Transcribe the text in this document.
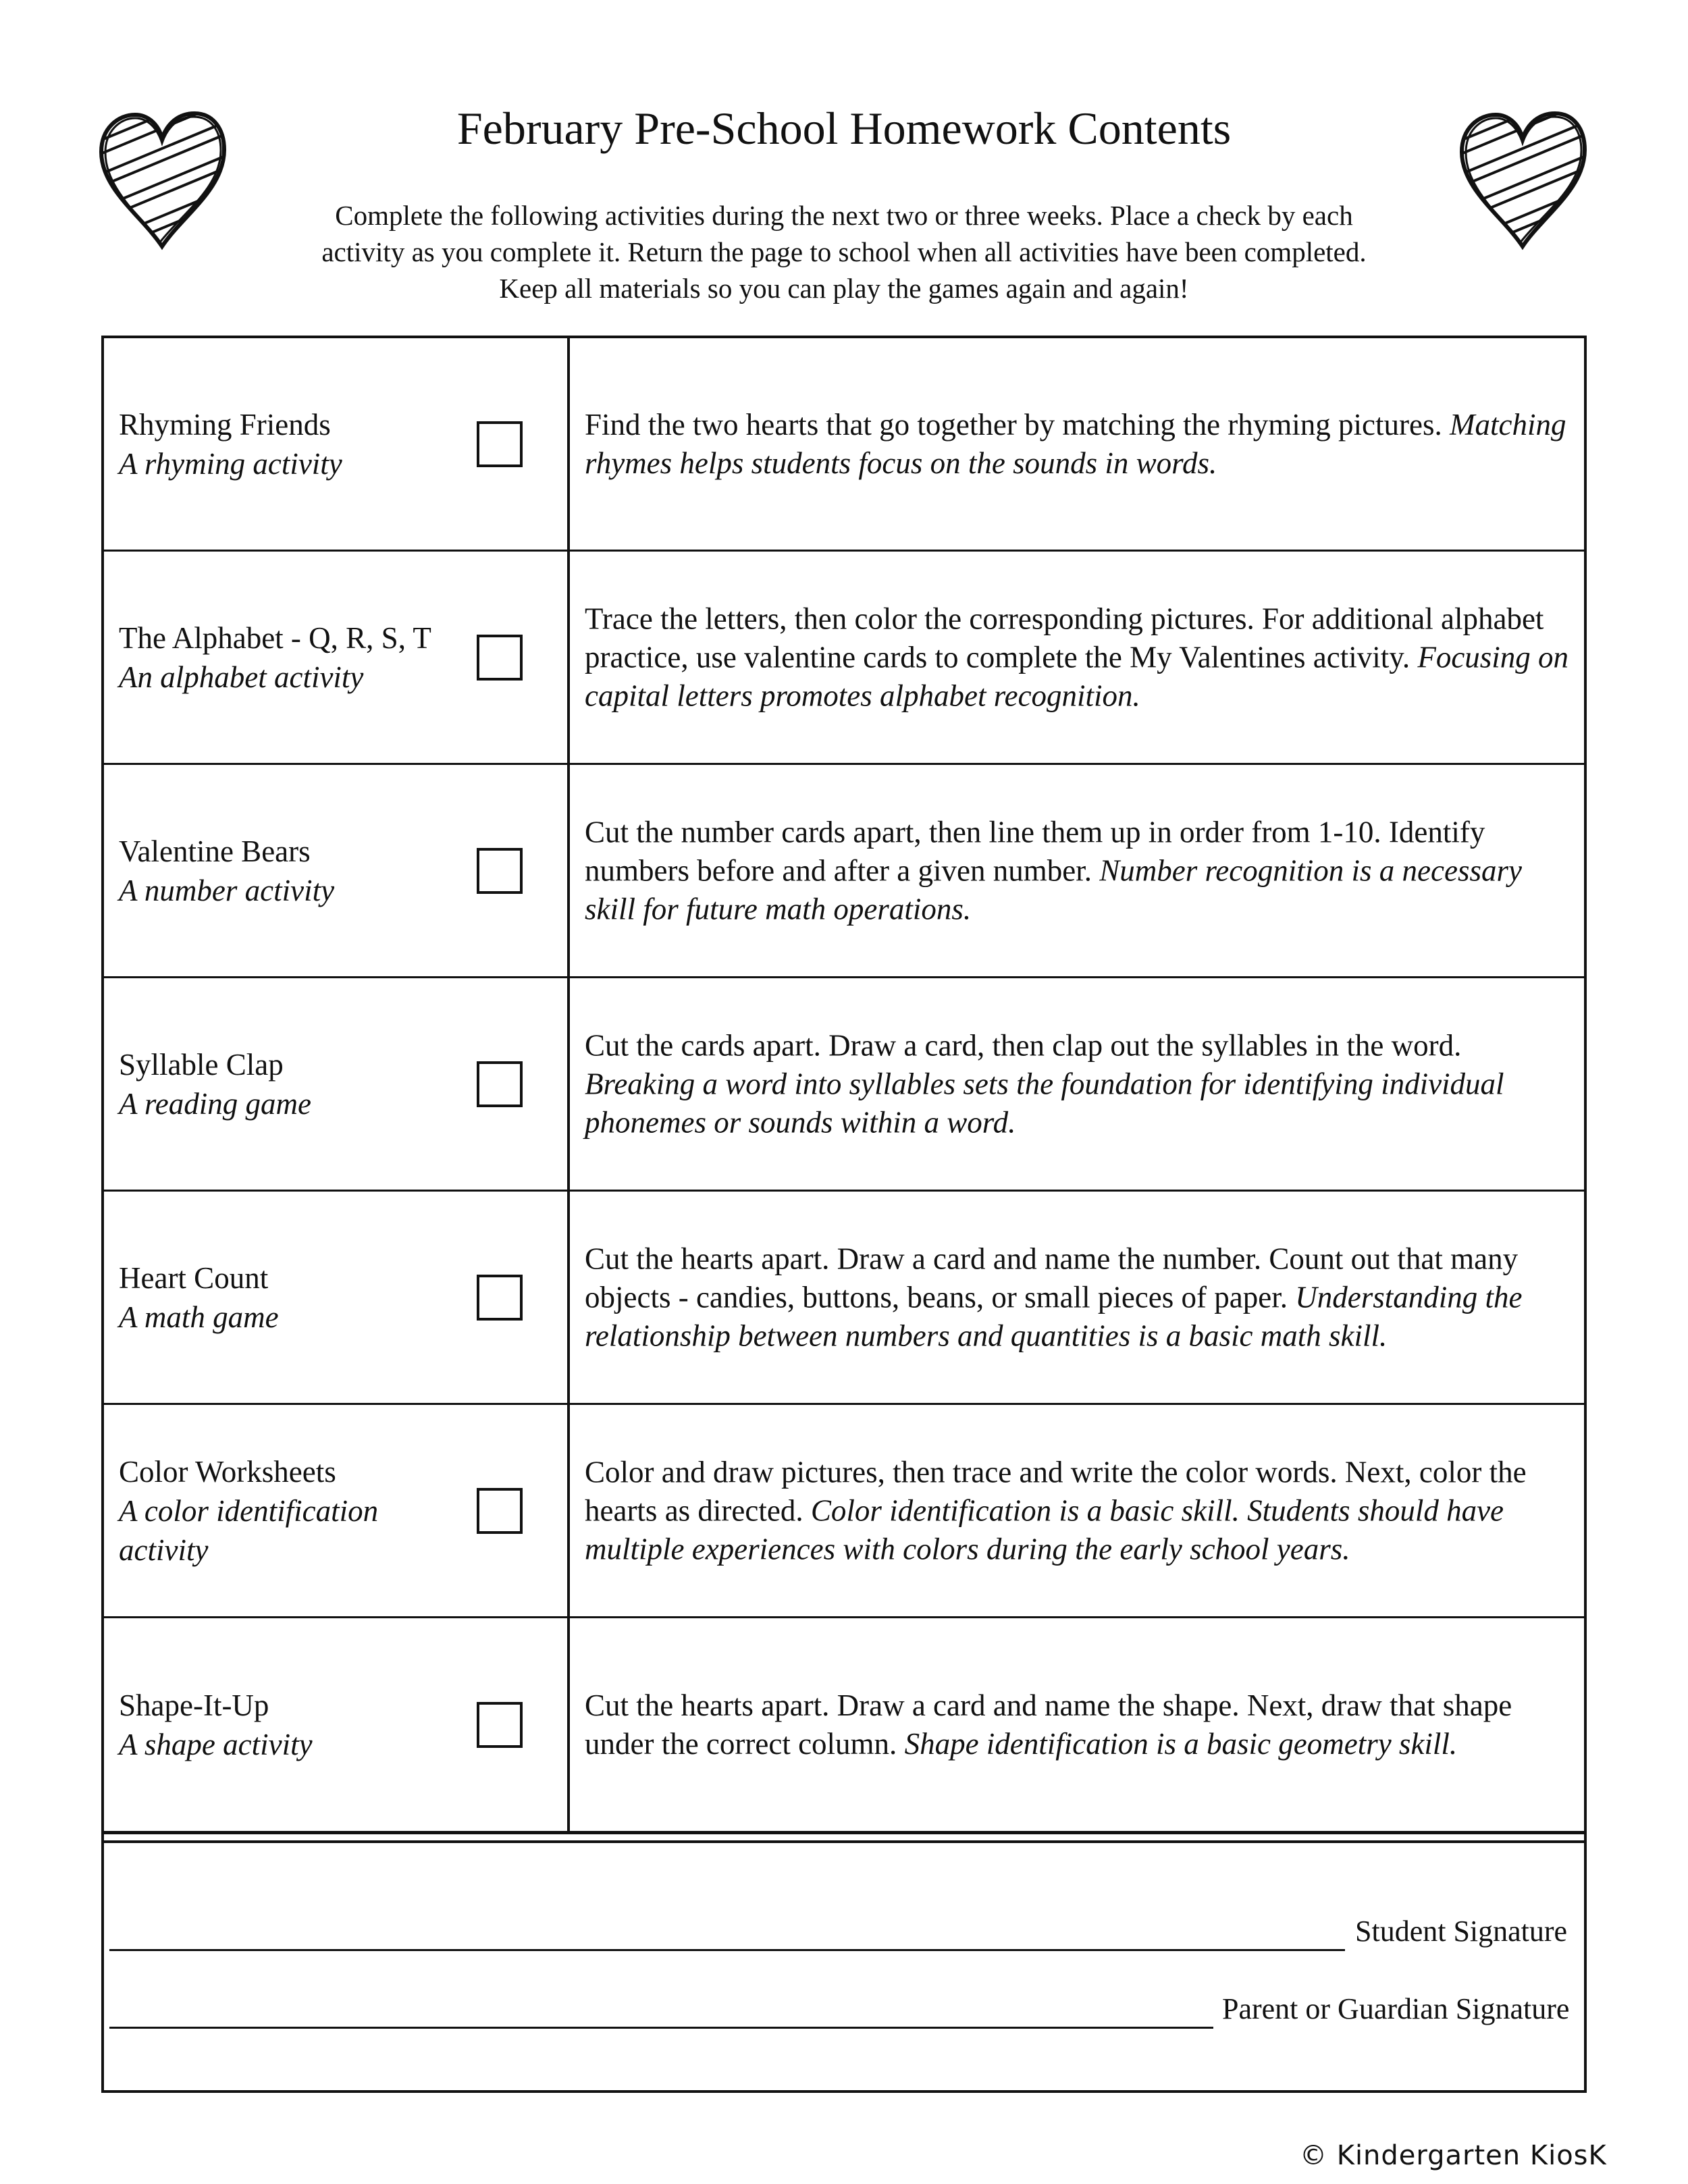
February Pre-School Homework Contents
Complete the following activities during the next two or three weeks. Place a check by each
activity as you complete it. Return the page to school when all activities have been completed.
Keep all materials so you can play the games again and again!
Rhyming Friends
A rhyming activity
Find the two hearts that go together by matching the rhyming pictures. Matching rhymes helps students focus on the sounds in words.
The Alphabet - Q, R, S, T
An alphabet activity
Trace the letters, then color the corresponding pictures. For additional alphabet practice, use valentine cards to complete the My Valentines activity. Focusing on capital letters promotes alphabet recognition.
Valentine Bears
A number activity
Cut the number cards apart, then line them up in order from 1-10. Identify numbers before and after a given number. Number recognition is a necessary skill for future math operations.
Syllable Clap
A reading game
Cut the cards apart. Draw a card, then clap out the syllables in the word. Breaking a word into syllables sets the foundation for identifying individual phonemes or sounds within a word.
Heart Count
A math game
Cut the hearts apart. Draw a card and name the number. Count out that many objects - candies, buttons, beans, or small pieces of paper. Understanding the relationship between numbers and quantities is a basic math skill.
Color Worksheets
A color identification activity
Color and draw pictures, then trace and write the color words. Next, color the hearts as directed. Color identification is a basic skill. Students should have multiple experiences with colors during the early school years.
Shape-It-Up
A shape activity
Cut the hearts apart. Draw a card and name the shape. Next, draw that shape under the correct column. Shape identification is a basic geometry skill.
Student Signature
Parent or Guardian Signature
© Kindergarten KiosK
